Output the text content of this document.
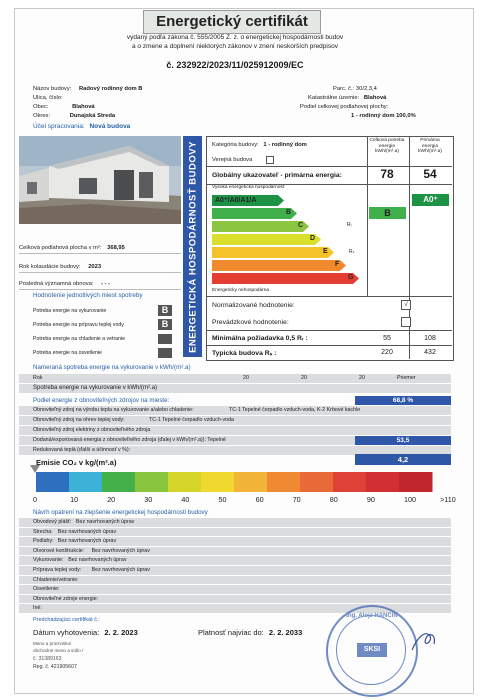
Energetický certifikát
vydaný podľa zákona č. 555/2005 Z. z. o energetickej hospodárnosti budov
a o zmene a doplnení niektorých zákonov v znení neskorších predpisov
č. 232922/2023/11/025912009/EC
Názov budovy: Radový rodinný dom B
Ulica, číslo:
Obec:	Blahová
Okres:	Dunajská Streda
Účel spracovania: Nová budova
Parc. č.: 30/2,3,4
Katastrálne územie: Blahová
Podiel celkovej podlahovej plochy:
1 - rodinný dom 100,0%
ENERGETICKÁ HOSPODÁRNOSŤ BUDOVY
Celková podlahová plocha v m²: 368,95
Rok kolaudácie budovy: 2023
Posledná významná obnova: - - -
Hodnotenie jednotlivých miest spotreby
Potreba energie na vykurovanie	B
Potreba energie na prípravu teplej vody	B
Potreba energie na chladenie a vetranie
Potreba energie na osvetlenie
Kategória budovy: 1 - rodinný dom
Verejná budova
Celková potreba energie kWh/(m².a)
Primárna energia kWh/(m².a)
Globálny ukazovateľ - primárna energia:	78	54
Vysoká energetická hospodárnosť
Energeticky nehospodárna
A0⁺/A0/A1/A
B
C
D
E
F
G
Rᵣ
Rₛ
B
A0⁺
Normalizované hodnotenie:	√
Prevádzkové hodnotenie:
Minimálna požiadavka 0,5 Rᵣ :	55	108
Typická budova Rₛ :	220	432
Nameraná spotreba energie na vykurovanie v kWh/(m².a)
Rok	20	20	20	Priemer
Spotreba energie na vykurovanie v kWh/(m².a)
Podiel energie z obnoviteľných zdrojov na mieste:	68,8 %
Obnoviteľný zdroj na výrobu tepla na vykurovanie a/alebo chladenie:	TC-1 Tepelné čerpadlo vzduch-voda, K-2 Krbové kachle
Obnoviteľný zdroj na ohrev teplej vody:	TC-1 Tepelné čerpadlo vzduch-voda
Obnoviteľný zdroj elektriny z obnoviteľného zdroja
Dodaná/exportovaná energia z obnoviteľného zdroja (ďalej v kWh/(m².a)): Tepelné	53,5
Redukovaná teplá (ďalší a účinnosť v %):
Emisie CO₂ v kg/(m².a)	4,2
0	10	20	30	40	50	60	70	80	90	100	>110
Návrh opatrení na zlepšenie energetickej hospodárnosti budovy
Obvodový plášť: Bez navrhovaných úprav
Strecha: Bez navrhovaných úprav
Podlahy: Bez navrhovaných úprav
Otvorové konštrukcie: Bez navrhovaných úprav
Vykurovanie: Bez navrhovaných úprav
Príprava teplej vody: Bez navrhovaných úprav
Chladenie/vetranie:
Osvetlenie:
Obnoviteľné zdroje energie:
Iné:
Predchádzajúci certifikát č.:
Dátum vyhotovenia: 2. 2. 2023	Platnosť najviac do: 2. 2. 2033
Meno a priezvisko/
obchodné meno a sídlo /
č. 31389163
Reg. č. 421905607
Ing. Alojz HANCIN
SKSI
